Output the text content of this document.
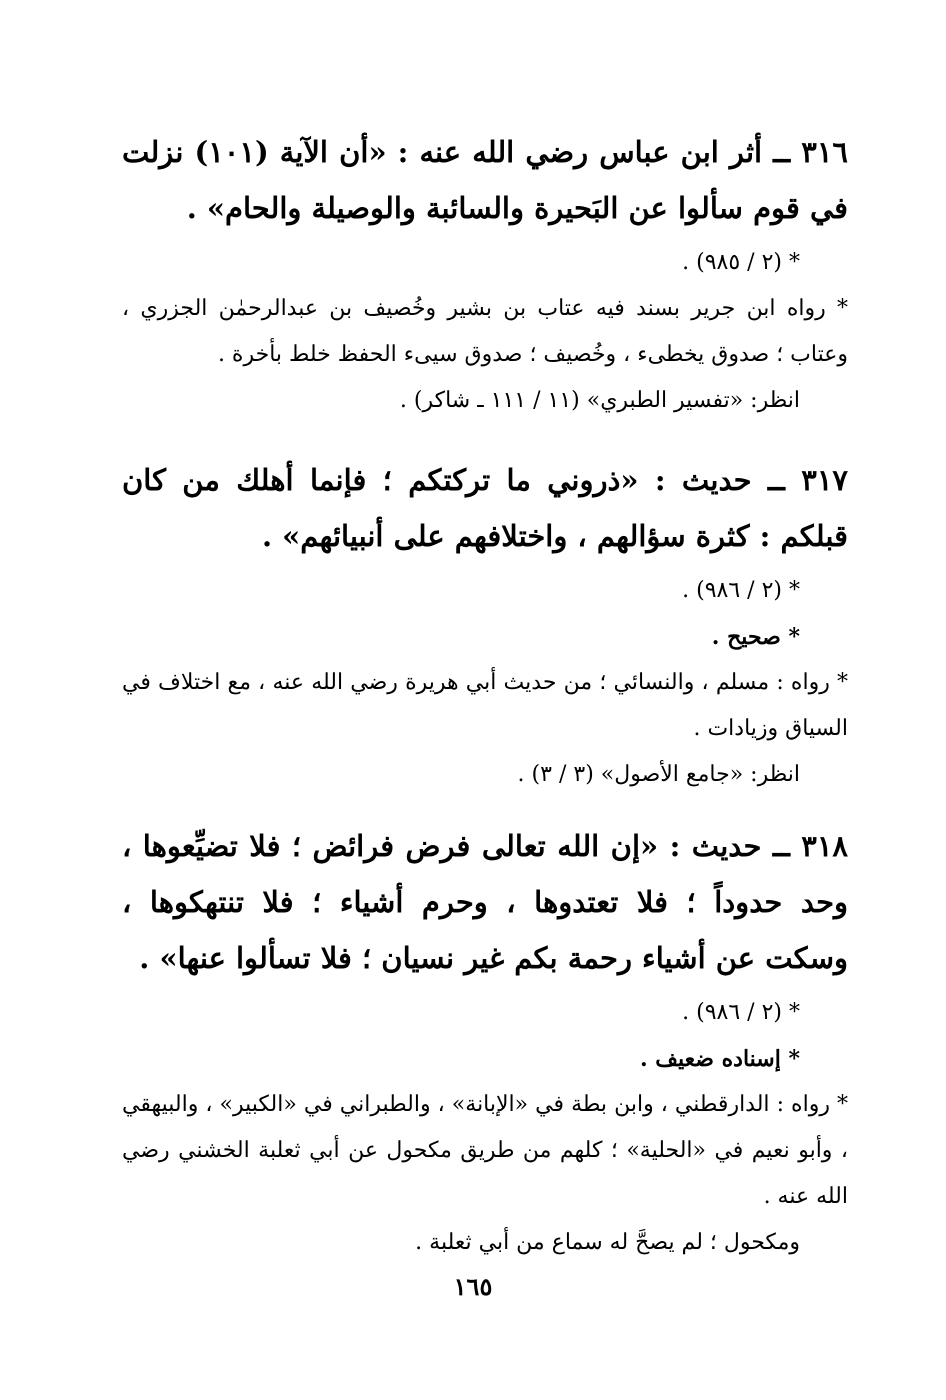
٣١٦ ــ أثر ابن عباس رضي الله عنه : «أن الآية (١٠١) نزلت في قوم سألوا عن البَحيرة والسائبة والوصيلة والحام» .
* (٢ / ٩٨٥) .
* رواه ابن جرير بسند فيه عتاب بن بشير وخُصيف بن عبدالرحمٰن الجزري ، وعتاب ؛ صدوق يخطىء ، وخُصيف ؛ صدوق سيىء الحفظ خلط بأخرة .
انظر: «تفسير الطبري» (١١ / ١١١ ـ شاكر) .
٣١٧ ــ حديث : «ذروني ما تركتكم ؛ فإنما أهلك من كان قبلكم : كثرة سؤالهم ، واختلافهم على أنبيائهم» .
* (٢ / ٩٨٦) .
* صحيح .
* رواه : مسلم ، والنسائي ؛ من حديث أبي هريرة رضي الله عنه ، مع اختلاف في السياق وزيادات .
انظر: «جامع الأصول» (٣ / ٣) .
٣١٨ ــ حديث : «إن الله تعالى فرض فرائض ؛ فلا تضيِّعوها ، وحد حدوداً ؛ فلا تعتدوها ، وحرم أشياء ؛ فلا تنتهكوها ، وسكت عن أشياء رحمة بكم غير نسيان ؛ فلا تسألوا عنها» .
* (٢ / ٩٨٦) .
* إسناده ضعيف .
* رواه : الدارقطني ، وابن بطة في «الإبانة» ، والطبراني في «الكبير» ، والبيهقي ، وأبو نعيم في «الحلية» ؛ كلهم من طريق مكحول عن أبي ثعلبة الخشني رضي الله عنه .
ومكحول ؛ لم يصحَّ له سماع من أبي ثعلبة .
١٦٥
